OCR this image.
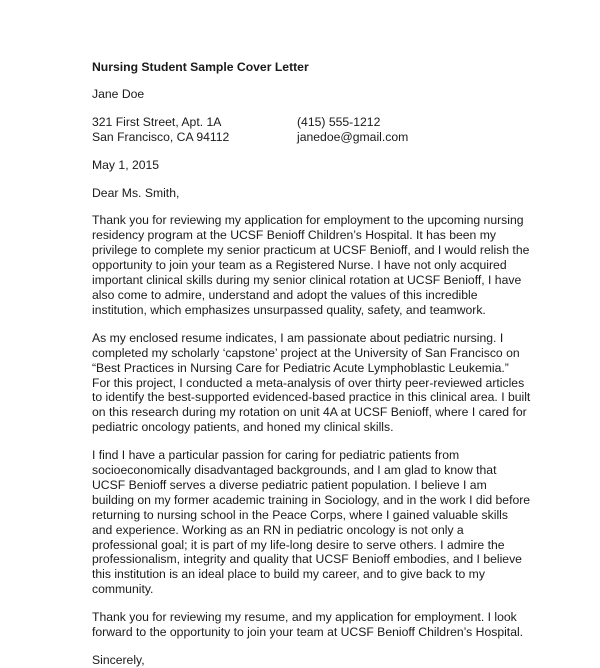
Nursing Student Sample Cover Letter
Jane Doe
321 First Street, Apt. 1A	(415) 555-1212
San Francisco, CA 94112	janedoe@gmail.com
May 1, 2015
Dear Ms. Smith,
Thank you for reviewing my application for employment to the upcoming nursing
residency program at the UCSF Benioff Children’s Hospital. It has been my
privilege to complete my senior practicum at UCSF Benioff, and I would relish the
opportunity to join your team as a Registered Nurse. I have not only acquired
important clinical skills during my senior clinical rotation at UCSF Benioff, I have
also come to admire, understand and adopt the values of this incredible
institution, which emphasizes unsurpassed quality, safety, and teamwork.
As my enclosed resume indicates, I am passionate about pediatric nursing. I
completed my scholarly ‘capstone’ project at the University of San Francisco on
“Best Practices in Nursing Care for Pediatric Acute Lymphoblastic Leukemia.”
For this project, I conducted a meta-analysis of over thirty peer-reviewed articles
to identify the best-supported evidenced-based practice in this clinical area. I built
on this research during my rotation on unit 4A at UCSF Benioff, where I cared for
pediatric oncology patients, and honed my clinical skills.
I find I have a particular passion for caring for pediatric patients from
socioeconomically disadvantaged backgrounds, and I am glad to know that
UCSF Benioff serves a diverse pediatric patient population. I believe I am
building on my former academic training in Sociology, and in the work I did before
returning to nursing school in the Peace Corps, where I gained valuable skills
and experience. Working as an RN in pediatric oncology is not only a
professional goal; it is part of my life-long desire to serve others. I admire the
professionalism, integrity and quality that UCSF Benioff embodies, and I believe
this institution is an ideal place to build my career, and to give back to my
community.
Thank you for reviewing my resume, and my application for employment. I look
forward to the opportunity to join your team at UCSF Benioff Children’s Hospital.
Sincerely,
